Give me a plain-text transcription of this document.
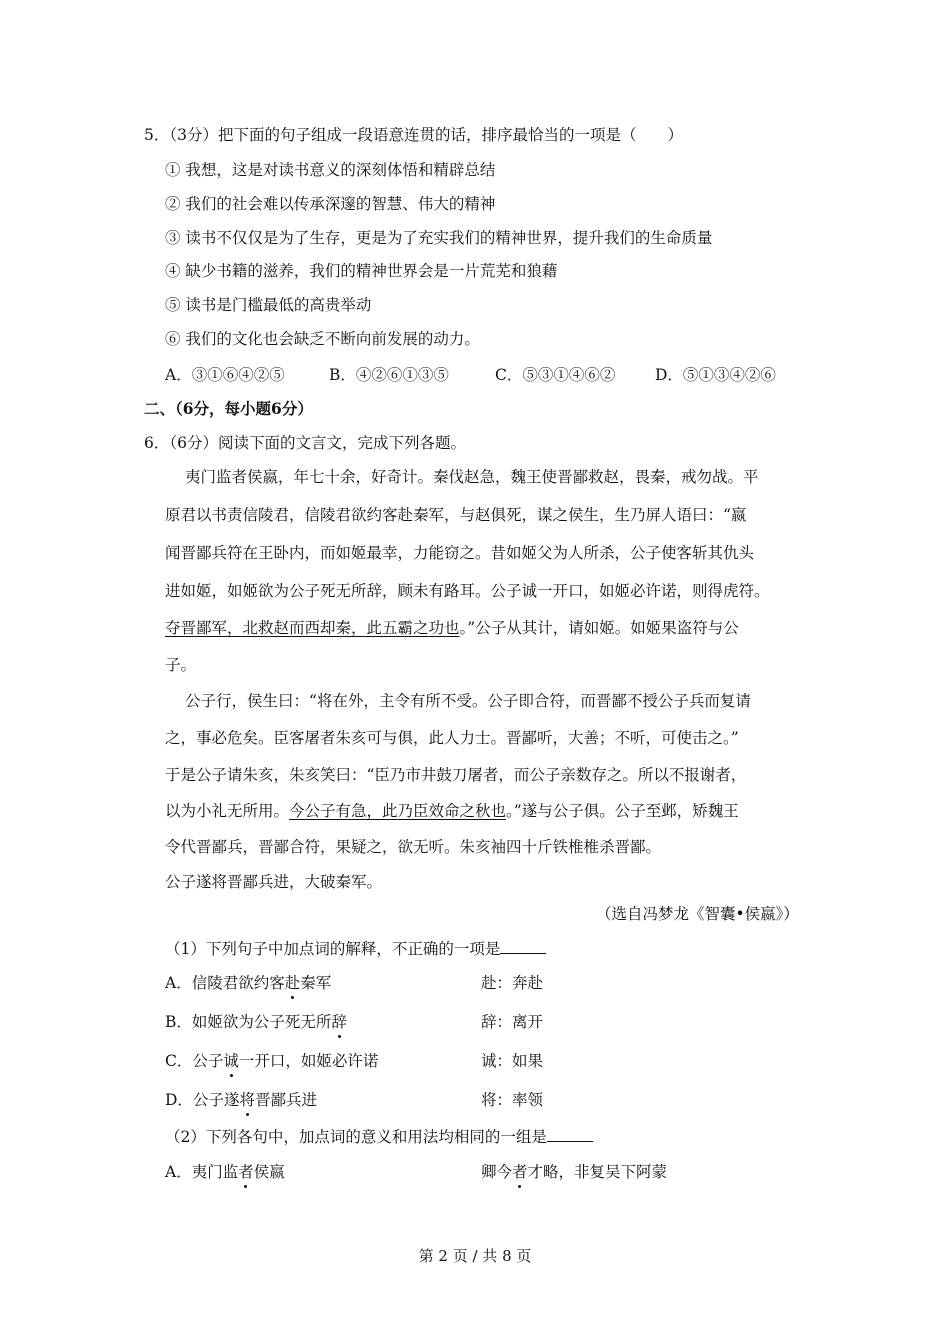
5．（3分）把下面的句子组成一段语意连贯的话，排序最恰当的一项是（　　）
① 我想，这是对读书意义的深刻体悟和精辟总结
② 我们的社会难以传承深邃的智慧、伟大的精神
③ 读书不仅仅是为了生存，更是为了充实我们的精神世界，提升我们的生命质量
④ 缺少书籍的滋养，我们的精神世界会是一片荒芜和狼藉
⑤ 读书是门槛最低的高贵举动
⑥ 我们的文化也会缺乏不断向前发展的动力。
A．③①⑥④②⑤	B．④②⑥①③⑤	C．⑤③①④⑥②	D．⑤①③④②⑥
二、（6分，每小题6分）
6．（6分）阅读下面的文言文，完成下列各题。
夷门监者侯嬴，年七十余，好奇计。秦伐赵急，魏王使晋鄙救赵，畏秦，戒勿战。平
原君以书责信陵君，信陵君欲约客赴秦军，与赵俱死，谋之侯生，生乃屏人语曰：“嬴
闻晋鄙兵符在王卧内，而如姬最幸，力能窃之。昔如姬父为人所杀，公子使客斩其仇头
进如姬，如姬欲为公子死无所辞，顾未有路耳。公子诚一开口，如姬必许诺，则得虎符。
夺晋鄙军，北救赵而西却秦，此五霸之功也。”公子从其计，请如姬。如姬果盗符与公
子。
公子行，侯生曰：“将在外，主令有所不受。公子即合符，而晋鄙不授公子兵而复请
之，事必危矣。臣客屠者朱亥可与俱，此人力士。晋鄙听，大善；不听，可使击之。”
于是公子请朱亥，朱亥笑曰：“臣乃市井鼓刀屠者，而公子亲数存之。所以不报谢者，
以为小礼无所用。今公子有急，此乃臣效命之秋也。”遂与公子俱。公子至邺，矫魏王
令代晋鄙兵，晋鄙合符，果疑之，欲无听。朱亥袖四十斤铁椎椎杀晋鄙。
公子遂将晋鄙兵进，大破秦军。
（选自冯梦龙《智囊•侯嬴》）
（1）下列句子中加点词的解释，不正确的一项是
A．信陵君欲约客赴秦军	赴：奔赴
B．如姬欲为公子死无所辞	辞：离开
C．公子诚一开口，如姬必许诺	诚：如果
D．公子遂将晋鄙兵进	将：率领
（2）下列各句中，加点词的意义和用法均相同的一组是
A．夷门监者侯嬴	卿今者才略，非复吴下阿蒙
第 2 页 / 共 8 页
